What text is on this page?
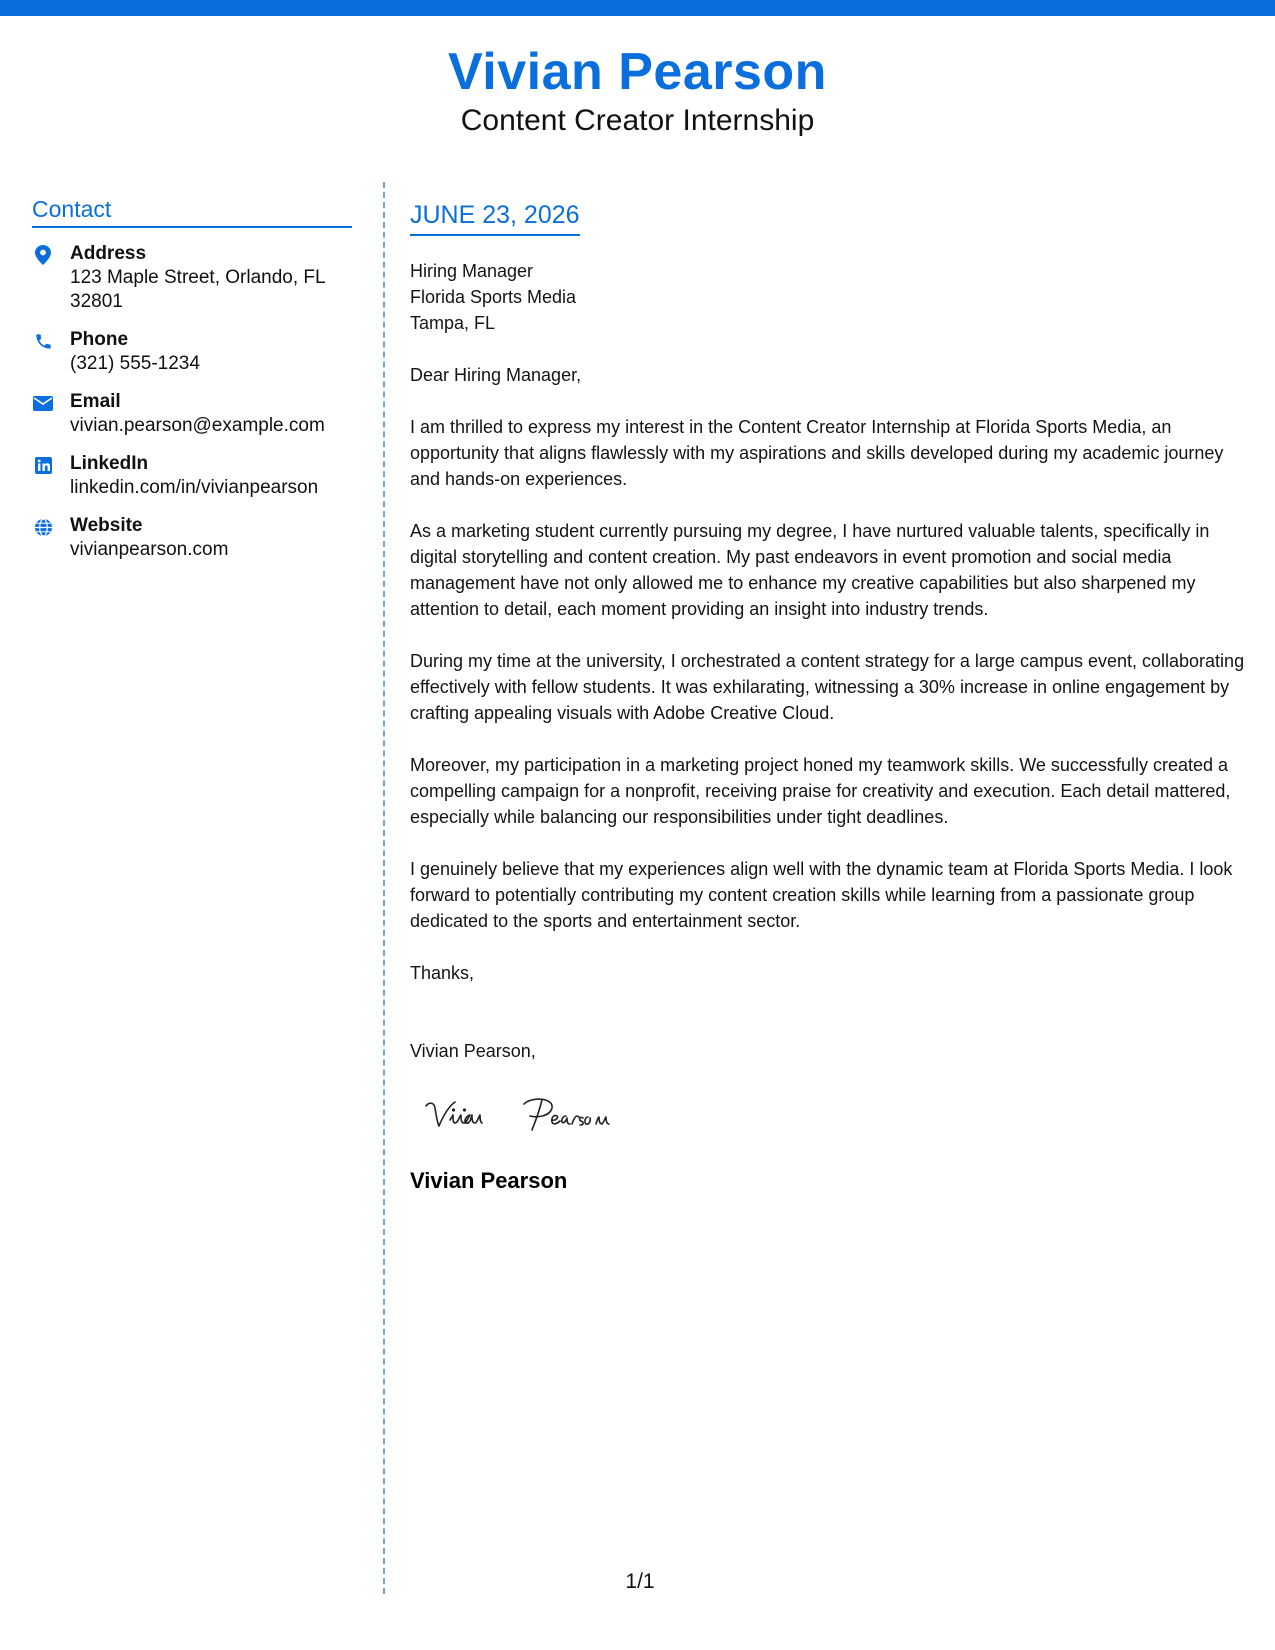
Vivian Pearson
Content Creator Internship
Contact
Address
123 Maple Street, Orlando, FL 32801
Phone
(321) 555-1234
Email
vivian.pearson@example.com
LinkedIn
linkedin.com/in/vivianpearson
Website
vivianpearson.com
JUNE 23, 2026
Hiring Manager
Florida Sports Media
Tampa, FL
Dear Hiring Manager,
I am thrilled to express my interest in the Content Creator Internship at Florida Sports Media, an opportunity that aligns flawlessly with my aspirations and skills developed during my academic journey and hands-on experiences.
As a marketing student currently pursuing my degree, I have nurtured valuable talents, specifically in digital storytelling and content creation. My past endeavors in event promotion and social media management have not only allowed me to enhance my creative capabilities but also sharpened my attention to detail, each moment providing an insight into industry trends.
During my time at the university, I orchestrated a content strategy for a large campus event, collaborating effectively with fellow students. It was exhilarating, witnessing a 30% increase in online engagement by crafting appealing visuals with Adobe Creative Cloud.
Moreover, my participation in a marketing project honed my teamwork skills. We successfully created a compelling campaign for a nonprofit, receiving praise for creativity and execution. Each detail mattered, especially while balancing our responsibilities under tight deadlines.
I genuinely believe that my experiences align well with the dynamic team at Florida Sports Media. I look forward to potentially contributing my content creation skills while learning from a passionate group dedicated to the sports and entertainment sector.
Thanks,
Vivian Pearson,
Vivian Pearson
1/1
